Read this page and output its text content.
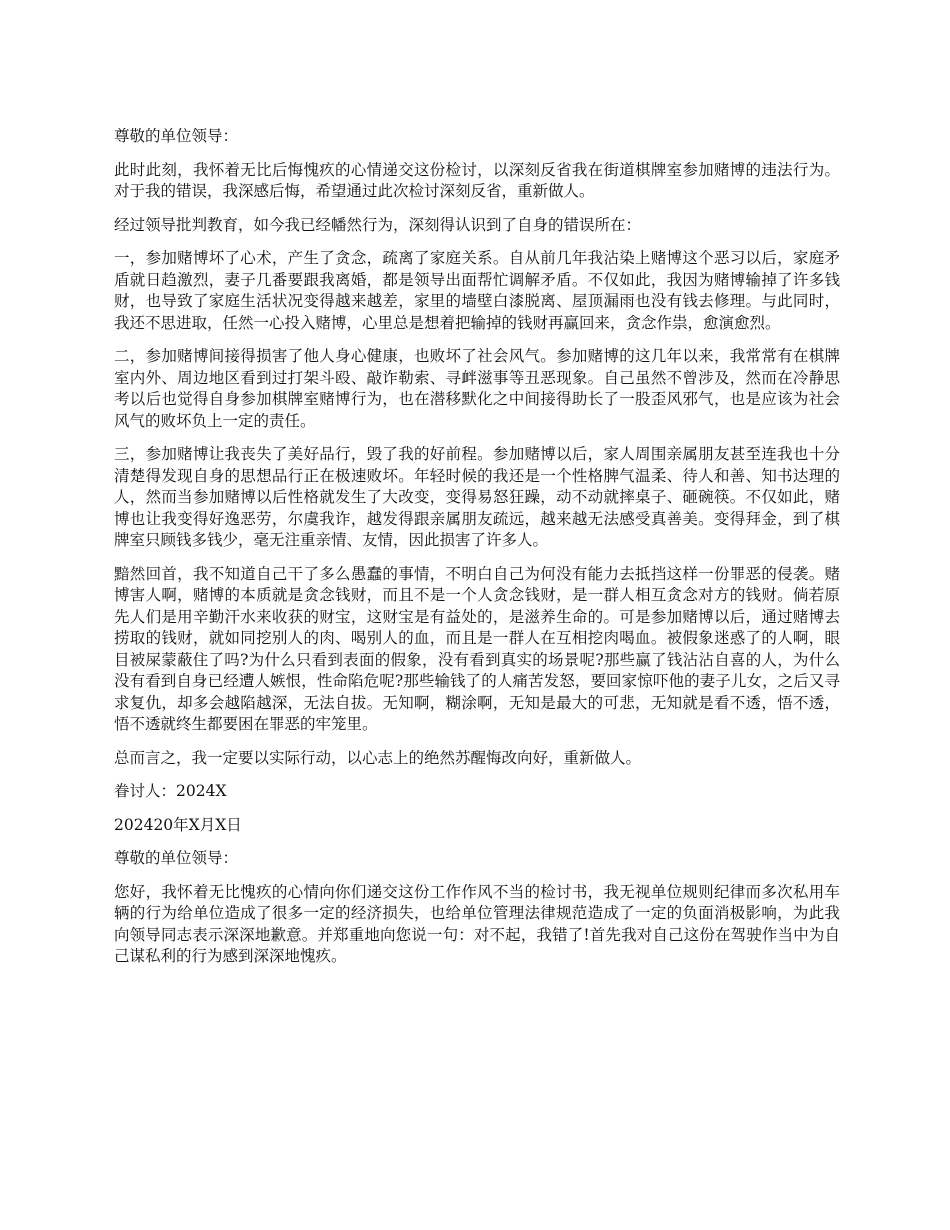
尊敬的单位领导：

此时此刻，我怀着无比后悔愧疚的心情递交这份检讨，以深刻反省我在街道棋牌室参加赌博的违法行为。对于我的错误，我深感后悔，希望通过此次检讨深刻反省，重新做人。

经过领导批判教育，如今我已经幡然行为，深刻得认识到了自身的错误所在：

一，参加赌博坏了心术，产生了贪念，疏离了家庭关系。自从前几年我沾染上赌博这个恶习以后，家庭矛盾就日趋激烈，妻子几番要跟我离婚，都是领导出面帮忙调解矛盾。不仅如此，我因为赌博输掉了许多钱财，也导致了家庭生活状况变得越来越差，家里的墙壁白漆脱离、屋顶漏雨也没有钱去修理。与此同时，我还不思进取，任然一心投入赌博，心里总是想着把输掉的钱财再赢回来，贪念作祟，愈演愈烈。

二，参加赌博间接得损害了他人身心健康，也败坏了社会风气。参加赌博的这几年以来，我常常有在棋牌室内外、周边地区看到过打架斗殴、敲诈勒索、寻衅滋事等丑恶现象。自己虽然不曾涉及，然而在冷静思考以后也觉得自身参加棋牌室赌博行为，也在潜移默化之中间接得助长了一股歪风邪气，也是应该为社会风气的败坏负上一定的责任。

三，参加赌博让我丧失了美好品行，毁了我的好前程。参加赌博以后，家人周围亲属朋友甚至连我也十分清楚得发现自身的思想品行正在极速败坏。年轻时候的我还是一个性格脾气温柔、待人和善、知书达理的人，然而当参加赌博以后性格就发生了大改变，变得易怒狂躁，动不动就摔桌子、砸碗筷。不仅如此，赌博也让我变得好逸恶劳，尔虞我诈，越发得跟亲属朋友疏远，越来越无法感受真善美。变得拜金，到了棋牌室只顾钱多钱少，毫无注重亲情、友情，因此损害了许多人。

黯然回首，我不知道自己干了多么愚蠢的事情，不明白自己为何没有能力去抵挡这样一份罪恶的侵袭。赌博害人啊，赌博的本质就是贪念钱财，而且不是一个人贪念钱财，是一群人相互贪念对方的钱财。倘若原先人们是用辛勤汗水来收获的财宝，这财宝是有益处的，是滋养生命的。可是参加赌博以后，通过赌博去捞取的钱财，就如同挖别人的肉、喝别人的血，而且是一群人在互相挖肉喝血。被假象迷惑了的人啊，眼目被屎蒙蔽住了吗?为什么只看到表面的假象，没有看到真实的场景呢?那些赢了钱沾沾自喜的人，为什么没有看到自身已经遭人嫉恨，性命陷危呢?那些输钱了的人痛苦发怒，要回家惊吓他的妻子儿女，之后又寻求复仇，却多会越陷越深，无法自拔。无知啊，糊涂啊，无知是最大的可悲，无知就是看不透，悟不透，悟不透就终生都要困在罪恶的牢笼里。

总而言之，我一定要以实际行动，以心志上的绝然苏醒悔改向好，重新做人。

眷讨人：2024X

202420年X月X日

尊敬的单位领导：

您好，我怀着无比愧疚的心情向你们递交这份工作作风不当的检讨书，我无视单位规则纪律而多次私用车辆的行为给单位造成了很多一定的经济损失，也给单位管理法律规范造成了一定的负面消极影响，为此我向领导同志表示深深地歉意。并郑重地向您说一句：对不起，我错了!首先我对自己这份在驾驶作当中为自己谋私利的行为感到深深地愧疚。
